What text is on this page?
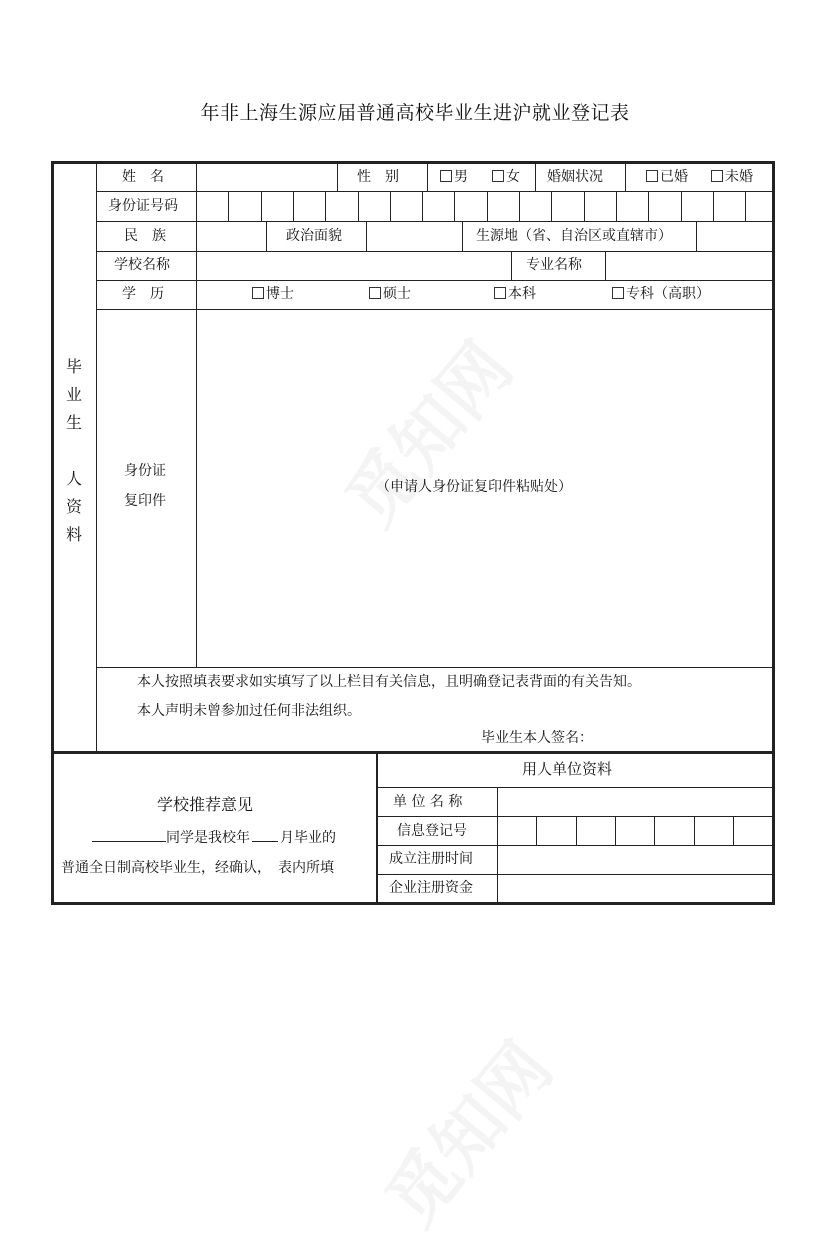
年非上海生源应届普通高校毕业生进沪就业登记表
毕
业
生
人
资
料
姓　名	性　别	男	女 婚姻状况	已婚	未婚
身份证号码
民　族	政治面貌	生源地（省、自治区或直辖市）
学校名称	专业名称
学　历	博士	硕士	本科	专科（高职）
身份证
复印件
（申请人身份证复印件粘贴处）
本人按照填表要求如实填写了以上栏目有关信息，且明确登记表背面的有关告知。
本人声明未曾参加过任何非法组织。
毕业生本人签名：
学校推荐意见
同学是我校年 月毕业的
普通全日制高校毕业生，经确认，　 表内所填
用人单位资料
单 位 名 称
信息登记号
成立注册时间
企业注册资金
